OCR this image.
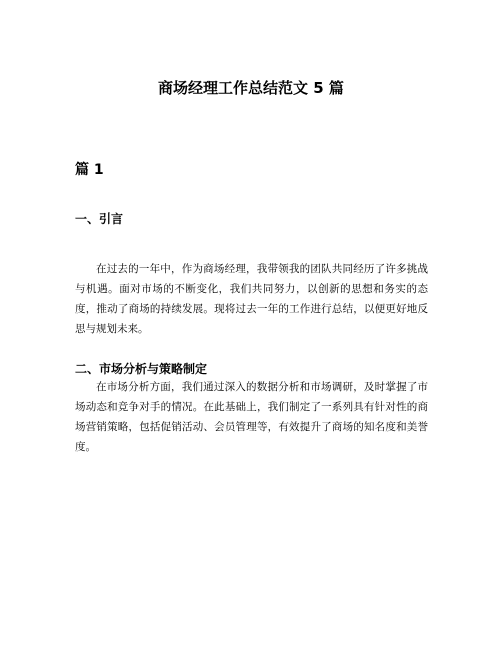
商场经理工作总结范文 5 篇
篇 1
一、引言

在过去的一年中，作为商场经理，我带领我的团队共同经历了许多挑战与机遇。面对市场的不断变化，我们共同努力，以创新的思想和务实的态度，推动了商场的持续发展。现将过去一年的工作进行总结，以便更好地反思与规划未来。

二、市场分析与策略制定

在市场分析方面，我们通过深入的数据分析和市场调研，及时掌握了市场动态和竞争对手的情况。在此基础上，我们制定了一系列具有针对性的商场营销策略，包括促销活动、会员管理等，有效提升了商场的知名度和美誉度。
